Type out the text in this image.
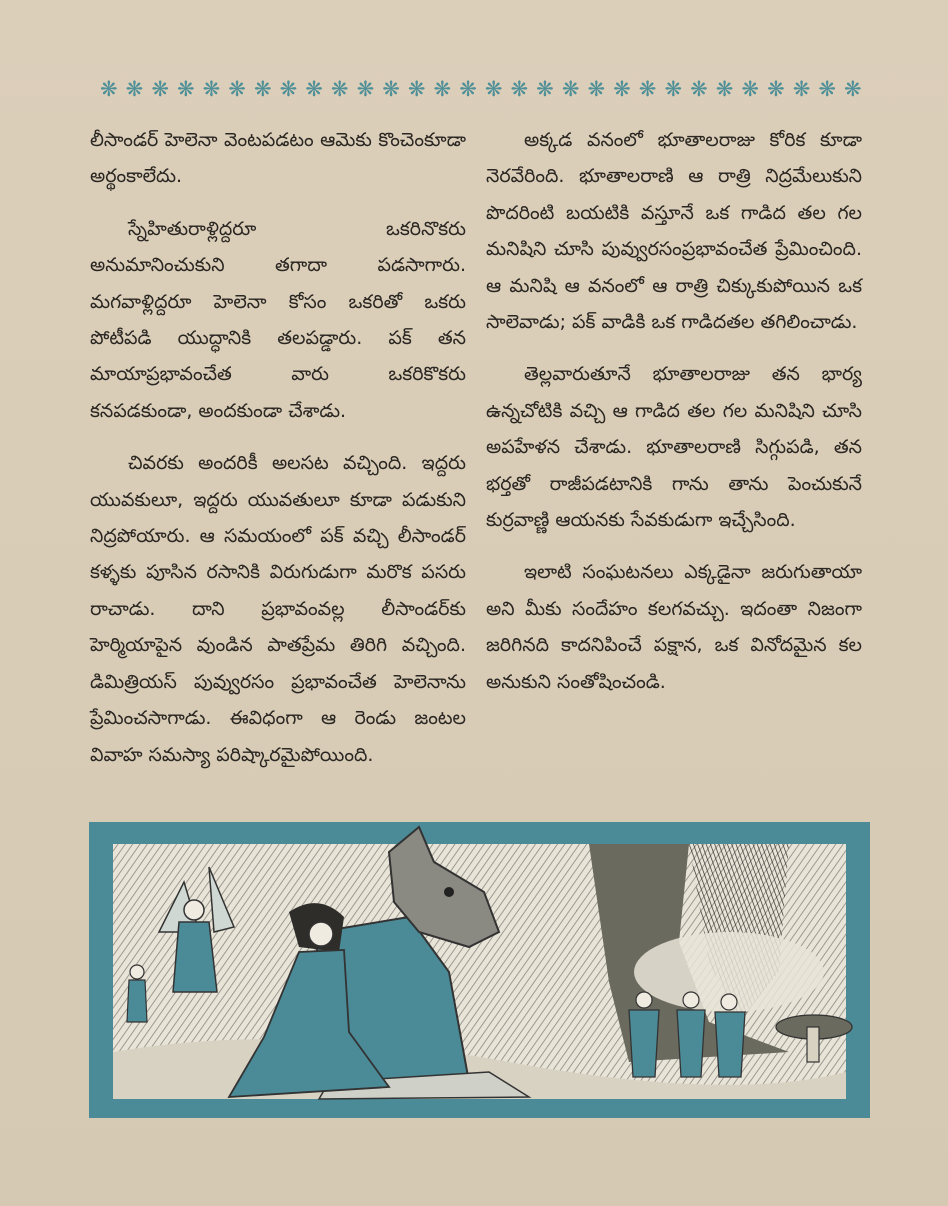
❋ ❋ ❋ ❋ ❋ ❋ ❋ ❋ ❋ ❋ ❋ ❋ ❋ ❋ ❋ ❋ ❋ ❋ ❋ ❋ ❋ ❋ ❋ ❋ ❋ ❋ ❋ ❋ ❋ ❋

లీసాండర్ హెలెనా వెంటపడటం ఆమెకు కొంచెంకూడా అర్థంకాలేదు.

స్నేహితురాళ్లిద్దరూ ఒకరినొకరు అనుమానించుకుని తగాదా పడసాగారు. మగవాళ్లిద్దరూ హెలెనా కోసం ఒకరితో ఒకరు పోటీపడి యుద్ధానికి తలపడ్డారు. పక్ తన మాయాప్రభావంచేత వారు ఒకరికొకరు కనపడకుండా, అందకుండా చేశాడు.

చివరకు అందరికీ అలసట వచ్చింది. ఇద్దరు యువకులూ, ఇద్దరు యువతులూ కూడా పడుకుని నిద్రపోయారు. ఆ సమయంలో పక్ వచ్చి లీసాండర్ కళ్ళకు పూసిన రసానికి విరుగుడుగా మరొక పసరు రాచాడు. దాని ప్రభావంవల్ల లీసాండర్‌కు హెర్మియాపైన వుండిన పాతప్రేమ తిరిగి వచ్చింది. డిమిత్రియస్ పువ్వురసం ప్రభావంచేత హెలెనాను ప్రేమించసాగాడు. ఈవిధంగా ఆ రెండు జంటల వివాహ సమస్యా పరిష్కారమైపోయింది.

అక్కడ వనంలో భూతాలరాజు కోరిక కూడా నెరవేరింది. భూతాలరాణి ఆ రాత్రి నిద్రమేలుకుని పొదరింటి బయటికి వస్తూనే ఒక గాడిద తల గల మనిషిని చూసి పువ్వురసంప్రభావంచేత ప్రేమించింది. ఆ మనిషి ఆ వనంలో ఆ రాత్రి చిక్కుకుపోయిన ఒక సాలెవాడు; పక్ వాడికి ఒక గాడిదతల తగిలించాడు.

తెల్లవారుతూనే భూతాలరాజు తన భార్య ఉన్నచోటికి వచ్చి ఆ గాడిద తల గల మనిషిని చూసి అపహేళన చేశాడు. భూతాలరాణి సిగ్గుపడి, తన భర్తతో రాజీపడటానికి గాను తాను పెంచుకునే కుర్రవాణ్ణి ఆయనకు సేవకుడుగా ఇచ్చేసింది.

ఇలాటి సంఘటనలు ఎక్కడైనా జరుగుతాయా అని మీకు సందేహం కలగవచ్చు. ఇదంతా నిజంగా జరిగినది కాదనిపించే పక్షాన, ఒక వినోదమైన కల అనుకుని సంతోషించండి.
